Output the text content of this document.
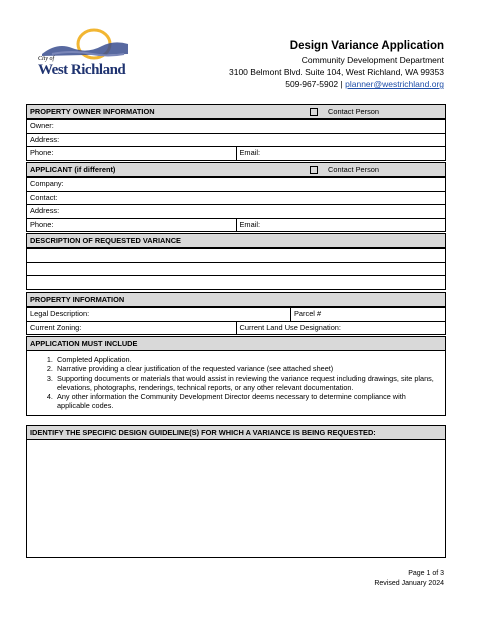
City of
West Richland
Design Variance Application
Community Development Department
3100 Belmont Blvd. Suite 104, West Richland, WA 99353
509-967-5902 | planner@westrichland.org
PROPERTY OWNER INFORMATION	Contact Person
Owner:
Address:
Phone:	Email:
APPLICANT (if different)	Contact Person
Company:
Contact:
Address:
Phone:	Email:
DESCRIPTION OF REQUESTED VARIANCE
PROPERTY INFORMATION
Legal Description:	Parcel #
Current Zoning:	Current Land Use Designation:
APPLICATION MUST INCLUDE
1. Completed Application.
2. Narrative providing a clear justification of the requested variance (see attached sheet)
3. Supporting documents or materials that would assist in reviewing the variance request including drawings, site plans, elevations, photographs, renderings, technical reports, or any other relevant documentation.
4. Any other information the Community Development Director deems necessary to determine compliance with applicable codes.
IDENTIFY THE SPECIFIC DESIGN GUIDELINE(S) FOR WHICH A VARIANCE IS BEING REQUESTED:
Page 1 of 3
Revised January 2024
